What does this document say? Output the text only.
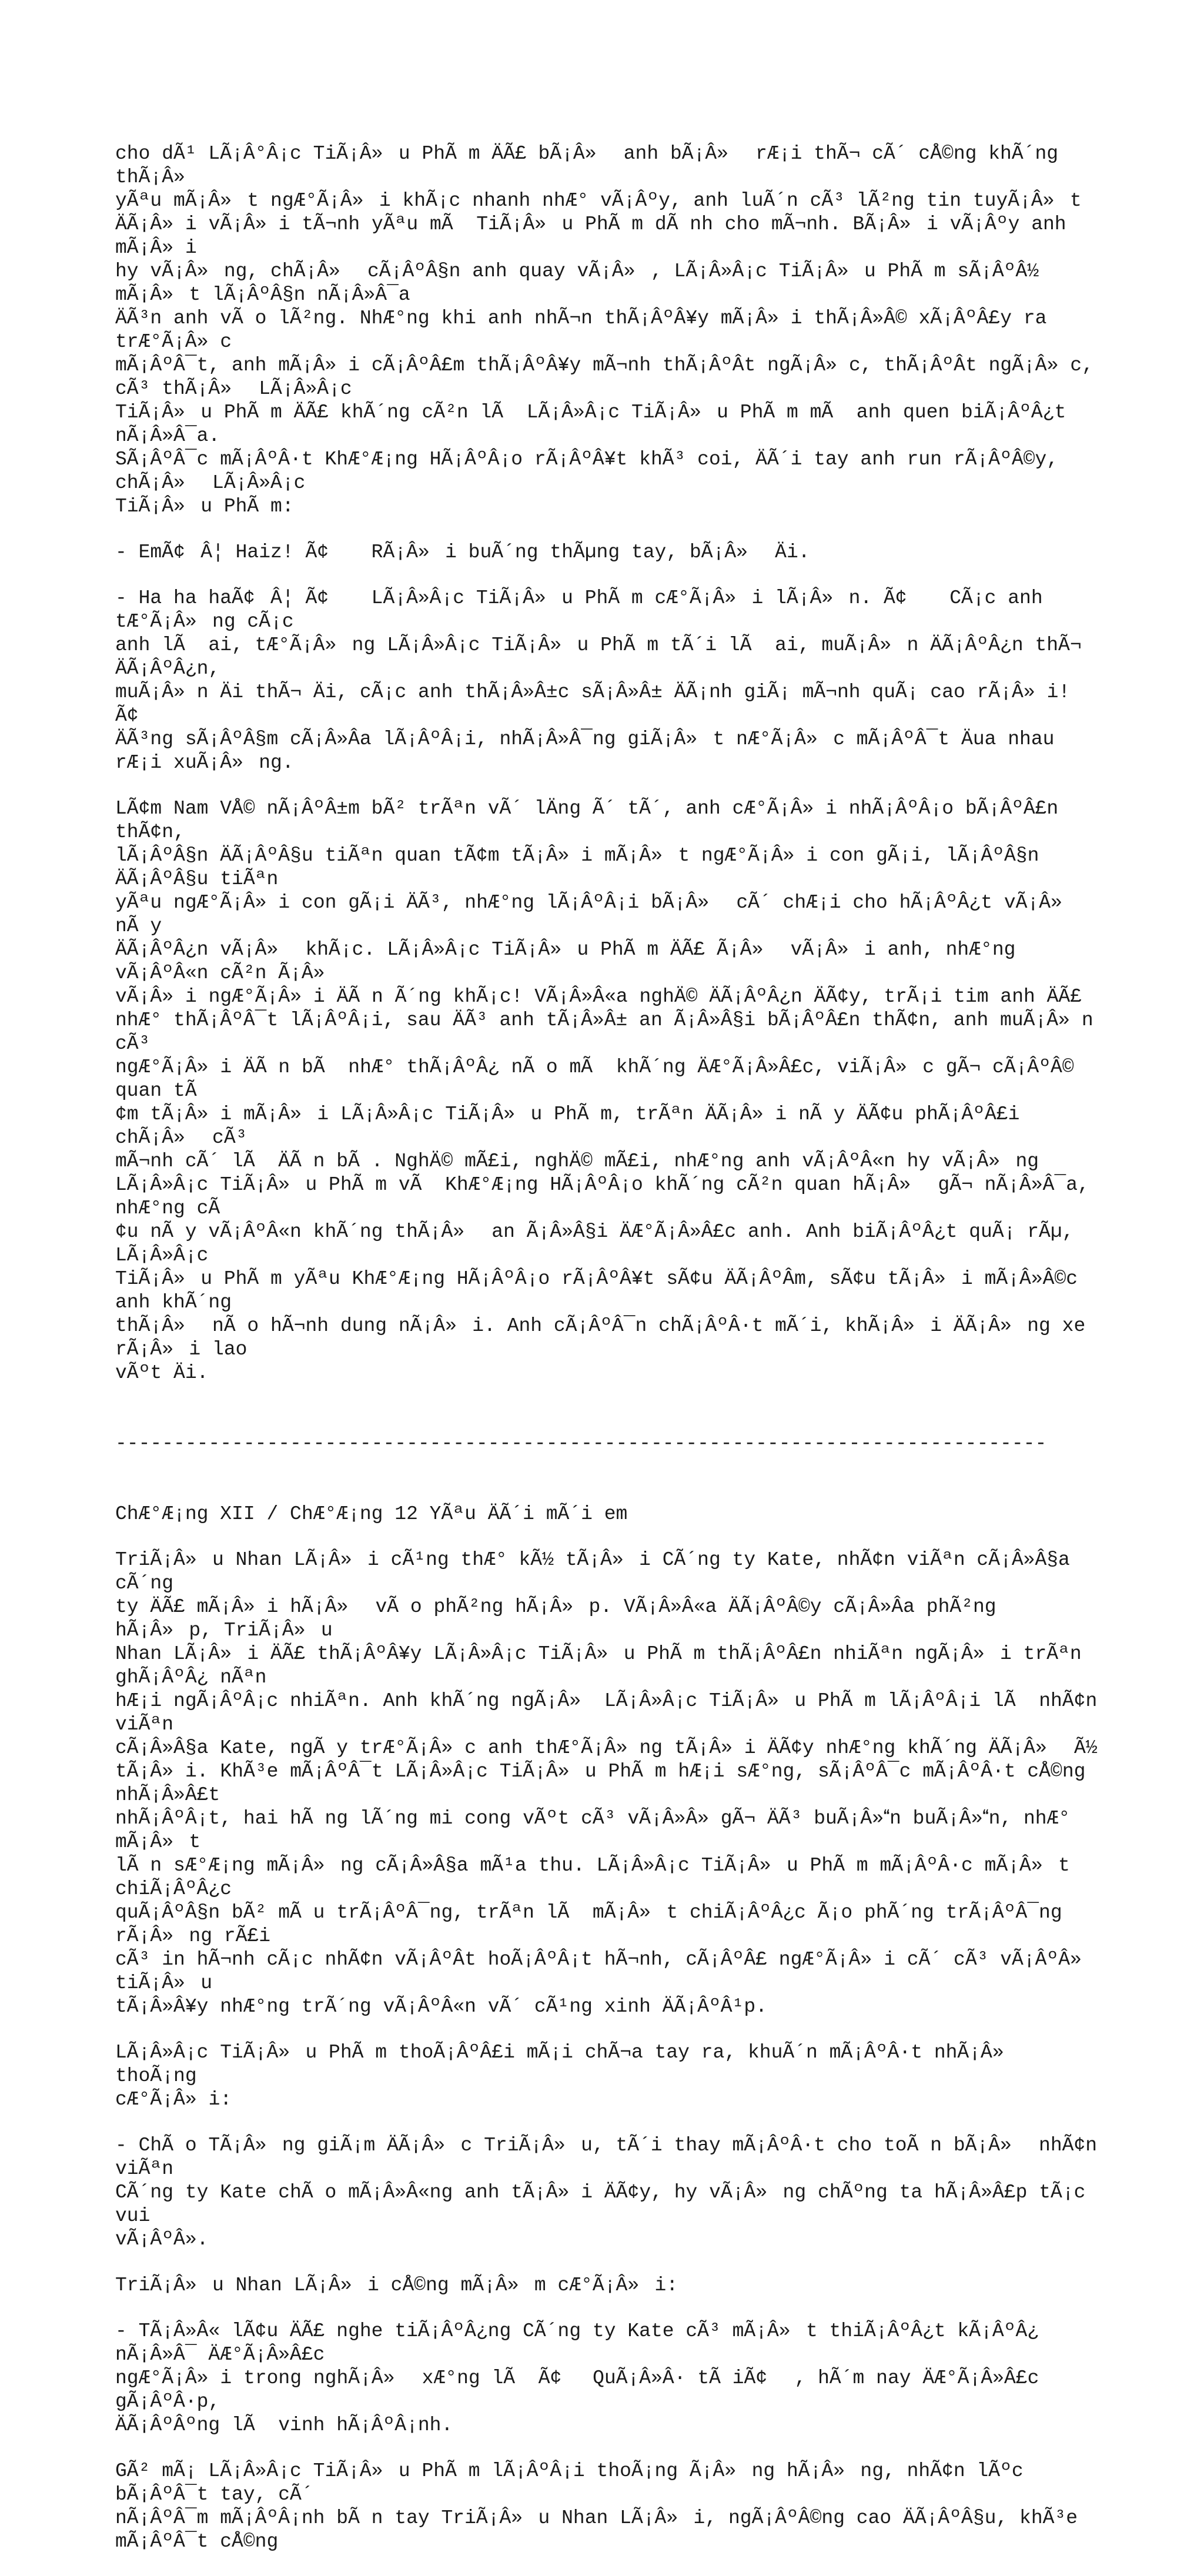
cho dÃ¹ LÃ¡Â°Â¡c TiÃ¡Â»u PhÃ m ÄÃ£ bÃ¡Â» anh bÃ¡Â» rÆ¡i thÃ¬ cÃ´ cÅ©ng khÃ´ng thÃ¡Â»
yÃªu mÃ¡Â»t ngÆ°Ã¡Â»i khÃ¡c nhanh nhÆ° vÃ¡Âºy, anh luÃ´n cÃ³ lÃ²ng tin tuyÃ¡Â»t
ÄÃ¡Â»i vÃ¡Â»i tÃ¬nh yÃªu mÃ  TiÃ¡Â»u PhÃ m dÃ nh cho mÃ¬nh. BÃ¡Â»i vÃ¡Âºy anh mÃ¡Â»i
hy vÃ¡Â»ng, chÃ¡Â» cÃ¡ÂºÂ§n anh quay vÃ¡Â», LÃ¡Â»Â¡c TiÃ¡Â»u PhÃ m sÃ¡ÂºÂ½ mÃ¡Â»t lÃ¡ÂºÂ§n nÃ¡Â»Â¯a
ÄÃ³n anh vÃ o lÃ²ng. NhÆ°ng khi anh nhÃ¬n thÃ¡ÂºÂ¥y mÃ¡Â»i thÃ¡Â»Â© xÃ¡ÂºÂ£y ra trÆ°Ã¡Â»c
mÃ¡ÂºÂ¯t, anh mÃ¡Â»i cÃ¡ÂºÂ£m thÃ¡ÂºÂ¥y mÃ¬nh thÃ¡ÂºÂt ngÃ¡Â»c, thÃ¡ÂºÂt ngÃ¡Â»c, cÃ³ thÃ¡Â» LÃ¡Â»Â¡c
TiÃ¡Â»u PhÃ m ÄÃ£ khÃ´ng cÃ²n lÃ  LÃ¡Â»Â¡c TiÃ¡Â»u PhÃ m mÃ  anh quen biÃ¡ÂºÂ¿t nÃ¡Â»Â¯a.
SÃ¡ÂºÂ¯c mÃ¡ÂºÂ·t KhÆ°Æ¡ng HÃ¡ÂºÂ¡o rÃ¡ÂºÂ¥t khÃ³ coi, ÄÃ´i tay anh run rÃ¡ÂºÂ©y, chÃ¡Â» LÃ¡Â»Â¡c
TiÃ¡Â»u PhÃ m:

- EmÃ¢Â¦ Haiz! Ã¢ RÃ¡Â»i buÃ´ng thÃµng tay, bÃ¡Â» Äi.

- Ha ha haÃ¢Â¦ Ã¢ LÃ¡Â»Â¡c TiÃ¡Â»u PhÃ m cÆ°Ã¡Â»i lÃ¡Â»n. Ã¢ CÃ¡c anh tÆ°Ã¡Â»ng cÃ¡c
anh lÃ  ai, tÆ°Ã¡Â»ng LÃ¡Â»Â¡c TiÃ¡Â»u PhÃ m tÃ´i lÃ  ai, muÃ¡Â»n ÄÃ¡ÂºÂ¿n thÃ¬ ÄÃ¡ÂºÂ¿n,
muÃ¡Â»n Äi thÃ¬ Äi, cÃ¡c anh thÃ¡Â»Â±c sÃ¡Â»Â± ÄÃ¡nh giÃ¡ mÃ¬nh quÃ¡ cao rÃ¡Â»i! Ã¢
ÄÃ³ng sÃ¡ÂºÂ§m cÃ¡Â»Âa lÃ¡ÂºÂ¡i, nhÃ¡Â»Â¯ng giÃ¡Â»t nÆ°Ã¡Â»c mÃ¡ÂºÂ¯t Äua nhau rÆ¡i xuÃ¡Â»ng.

LÃ¢m Nam VÅ© nÃ¡ÂºÂ±m bÃ² trÃªn vÃ´ lÄng Ã´ tÃ´, anh cÆ°Ã¡Â»i nhÃ¡ÂºÂ¡o bÃ¡ÂºÂ£n thÃ¢n,
lÃ¡ÂºÂ§n ÄÃ¡ÂºÂ§u tiÃªn quan tÃ¢m tÃ¡Â»i mÃ¡Â»t ngÆ°Ã¡Â»i con gÃ¡i, lÃ¡ÂºÂ§n ÄÃ¡ÂºÂ§u tiÃªn
yÃªu ngÆ°Ã¡Â»i con gÃ¡i ÄÃ³, nhÆ°ng lÃ¡ÂºÂ¡i bÃ¡Â» cÃ´ chÆ¡i cho hÃ¡ÂºÂ¿t vÃ¡Â» nÃ y
ÄÃ¡ÂºÂ¿n vÃ¡Â» khÃ¡c. LÃ¡Â»Â¡c TiÃ¡Â»u PhÃ m ÄÃ£ Ã¡Â» vÃ¡Â»i anh, nhÆ°ng vÃ¡ÂºÂ«n cÃ²n Ã¡Â»
vÃ¡Â»i ngÆ°Ã¡Â»i ÄÃ n Ã´ng khÃ¡c! VÃ¡Â»Â«a nghÄ© ÄÃ¡ÂºÂ¿n ÄÃ¢y, trÃ¡i tim anh ÄÃ£
nhÆ° thÃ¡ÂºÂ¯t lÃ¡ÂºÂ¡i, sau ÄÃ³ anh tÃ¡Â»Â± an Ã¡Â»Â§i bÃ¡ÂºÂ£n thÃ¢n, anh muÃ¡Â»n cÃ³
ngÆ°Ã¡Â»i ÄÃ n bÃ  nhÆ° thÃ¡ÂºÂ¿ nÃ o mÃ  khÃ´ng ÄÆ°Ã¡Â»Â£c, viÃ¡Â»c gÃ¬ cÃ¡ÂºÂ© quan tÃ
¢m tÃ¡Â»i mÃ¡Â»i LÃ¡Â»Â¡c TiÃ¡Â»u PhÃ m, trÃªn ÄÃ¡Â»i nÃ y ÄÃ¢u phÃ¡ÂºÂ£i chÃ¡Â» cÃ³
mÃ¬nh cÃ´ lÃ  ÄÃ n bÃ . NghÄ© mÃ£i, nghÄ© mÃ£i, nhÆ°ng anh vÃ¡ÂºÂ«n hy vÃ¡Â»ng
LÃ¡Â»Â¡c TiÃ¡Â»u PhÃ m vÃ  KhÆ°Æ¡ng HÃ¡ÂºÂ¡o khÃ´ng cÃ²n quan hÃ¡Â» gÃ¬ nÃ¡Â»Â¯a, nhÆ°ng cÃ
¢u nÃ y vÃ¡ÂºÂ«n khÃ´ng thÃ¡Â» an Ã¡Â»Â§i ÄÆ°Ã¡Â»Â£c anh. Anh biÃ¡ÂºÂ¿t quÃ¡ rÃµ, LÃ¡Â»Â¡c
TiÃ¡Â»u PhÃ m yÃªu KhÆ°Æ¡ng HÃ¡ÂºÂ¡o rÃ¡ÂºÂ¥t sÃ¢u ÄÃ¡ÂºÂm, sÃ¢u tÃ¡Â»i mÃ¡Â»Â©c anh khÃ´ng
thÃ¡Â» nÃ o hÃ¬nh dung nÃ¡Â»i. Anh cÃ¡ÂºÂ¯n chÃ¡ÂºÂ·t mÃ´i, khÃ¡Â»i ÄÃ¡Â»ng xe rÃ¡Â»i lao
vÃºt Äi.

--------------------------------------------------------------------------------

ChÆ°Æ¡ng XII / ChÆ°Æ¡ng 12 YÃªu ÄÃ´i mÃ´i em

TriÃ¡Â»u Nhan LÃ¡Â»i cÃ¹ng thÆ° kÃ½ tÃ¡Â»i CÃ´ng ty Kate, nhÃ¢n viÃªn cÃ¡Â»Â§a cÃ´ng
ty ÄÃ£ mÃ¡Â»i hÃ¡Â» vÃ o phÃ²ng hÃ¡Â»p. VÃ¡Â»Â«a ÄÃ¡ÂºÂ©y cÃ¡Â»Âa phÃ²ng hÃ¡Â»p, TriÃ¡Â»u
Nhan LÃ¡Â»i ÄÃ£ thÃ¡ÂºÂ¥y LÃ¡Â»Â¡c TiÃ¡Â»u PhÃ m thÃ¡ÂºÂ£n nhiÃªn ngÃ¡Â»i trÃªn ghÃ¡ÂºÂ¿ nÃªn
hÆ¡i ngÃ¡ÂºÂ¡c nhiÃªn. Anh khÃ´ng ngÃ¡Â» LÃ¡Â»Â¡c TiÃ¡Â»u PhÃ m lÃ¡ÂºÂ¡i lÃ  nhÃ¢n viÃªn
cÃ¡Â»Â§a Kate, ngÃ y trÆ°Ã¡Â»c anh thÆ°Ã¡Â»ng tÃ¡Â»i ÄÃ¢y nhÆ°ng khÃ´ng ÄÃ¡Â» Ã½
tÃ¡Â»i. KhÃ³e mÃ¡ÂºÂ¯t LÃ¡Â»Â¡c TiÃ¡Â»u PhÃ m hÆ¡i sÆ°ng, sÃ¡ÂºÂ¯c mÃ¡ÂºÂ·t cÅ©ng nhÃ¡Â»Â£t
nhÃ¡ÂºÂ¡t, hai hÃ ng lÃ´ng mi cong vÃºt cÃ³ vÃ¡Â»Â» gÃ¬ ÄÃ³ buÃ¡Â»n buÃ¡Â»n, nhÆ° mÃ¡Â»t
lÃ n sÆ°Æ¡ng mÃ¡Â»ng cÃ¡Â»Â§a mÃ¹a thu. LÃ¡Â»Â¡c TiÃ¡Â»u PhÃ m mÃ¡ÂºÂ·c mÃ¡Â»t chiÃ¡ÂºÂ¿c
quÃ¡ÂºÂ§n bÃ² mÃ u trÃ¡ÂºÂ¯ng, trÃªn lÃ  mÃ¡Â»t chiÃ¡ÂºÂ¿c Ã¡o phÃ´ng trÃ¡ÂºÂ¯ng rÃ¡Â»ng rÃ£i
cÃ³ in hÃ¬nh cÃ¡c nhÃ¢n vÃ¡ÂºÂt hoÃ¡ÂºÂ¡t hÃ¬nh, cÃ¡ÂºÂ£ ngÆ°Ã¡Â»i cÃ´ cÃ³ vÃ¡ÂºÂ» tiÃ¡Â»u
tÃ¡Â»Â¥y nhÆ°ng trÃ´ng vÃ¡ÂºÂ«n vÃ´ cÃ¹ng xinh ÄÃ¡ÂºÂ¹p.

LÃ¡Â»Â¡c TiÃ¡Â»u PhÃ m thoÃ¡ÂºÂ£i mÃ¡i chÃ¬a tay ra, khuÃ´n mÃ¡ÂºÂ·t nhÃ¡Â» thoÃ¡ng
cÆ°Ã¡Â»i:

- ChÃ o TÃ¡Â»ng giÃ¡m ÄÃ¡Â»c TriÃ¡Â»u, tÃ´i thay mÃ¡ÂºÂ·t cho toÃ n bÃ¡Â» nhÃ¢n viÃªn
CÃ´ng ty Kate chÃ o mÃ¡Â»Â«ng anh tÃ¡Â»i ÄÃ¢y, hy vÃ¡Â»ng chÃºng ta hÃ¡Â»Â£p tÃ¡c vui
vÃ¡ÂºÂ».

TriÃ¡Â»u Nhan LÃ¡Â»i cÅ©ng mÃ¡Â»m cÆ°Ã¡Â»i:

- TÃ¡Â»Â« lÃ¢u ÄÃ£ nghe tiÃ¡ÂºÂ¿ng CÃ´ng ty Kate cÃ³ mÃ¡Â»t thiÃ¡ÂºÂ¿t kÃ¡ÂºÂ¿ nÃ¡Â»Â¯ ÄÆ°Ã¡Â»Â£c
ngÆ°Ã¡Â»i trong nghÃ¡Â» xÆ°ng lÃ  Ã¢QuÃ¡Â»Â· tÃ iÃ¢, hÃ´m nay ÄÆ°Ã¡Â»Â£c gÃ¡ÂºÂ·p,
ÄÃ¡ÂºÂºng lÃ  vinh hÃ¡ÂºÂ¡nh.

GÃ² mÃ¡ LÃ¡Â»Â¡c TiÃ¡Â»u PhÃ m lÃ¡ÂºÂ¡i thoÃ¡ng Ã¡Â»ng hÃ¡Â»ng, nhÃ¢n lÃºc bÃ¡ÂºÂ¯t tay, cÃ´
nÃ¡ÂºÂ¯m mÃ¡ÂºÂ¡nh bÃ n tay TriÃ¡Â»u Nhan LÃ¡Â»i, ngÃ¡ÂºÂ©ng cao ÄÃ¡ÂºÂ§u, khÃ³e mÃ¡ÂºÂ¯t cÅ©ng
